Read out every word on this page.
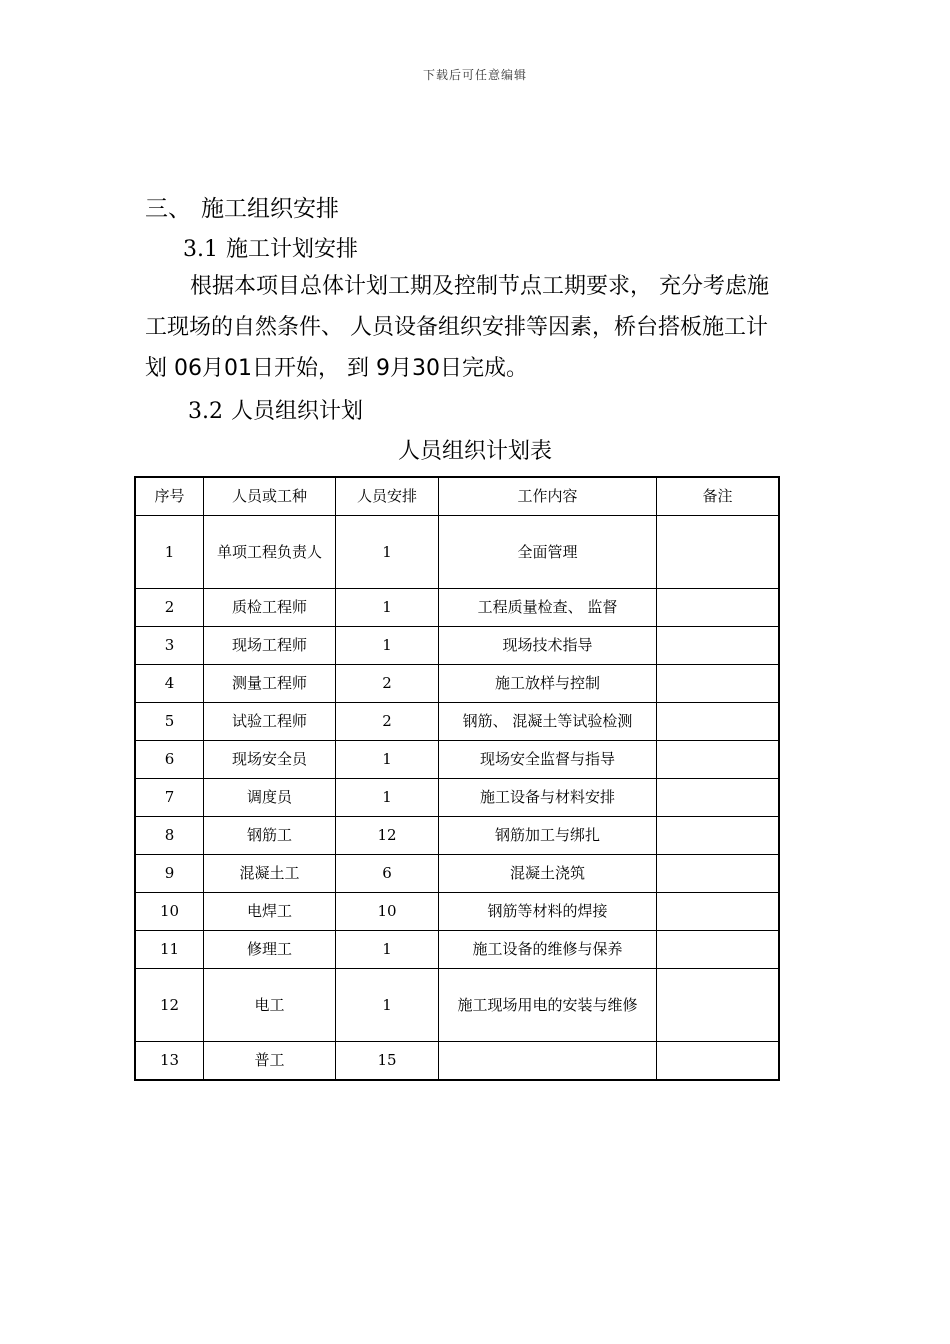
下载后可任意编辑
三、 施工组织安排
3.1 施工计划安排
根据本项目总体计划工期及控制节点工期要求， 充分考虑施
工现场的自然条件、 人员设备组织安排等因素，桥台搭板施工计
划 06月01日开始， 到 9月30日完成。
3.2 人员组织计划
人员组织计划表
序号	人员或工种	人员安排	工作内容	备注
1	单项工程负责人	1	全面管理	
2	质检工程师	1	工程质量检查、 监督	
3	现场工程师	1	现场技术指导	
4	测量工程师	2	施工放样与控制	
5	试验工程师	2	钢筋、 混凝土等试验检测	
6	现场安全员	1	现场安全监督与指导	
7	调度员	1	施工设备与材料安排	
8	钢筋工	12	钢筋加工与绑扎	
9	混凝土工	6	混凝土浇筑	
10	电焊工	10	钢筋等材料的焊接	
11	修理工	1	施工设备的维修与保养	
12	电工	1	施工现场用电的安装与维修	

13	普工	15		
